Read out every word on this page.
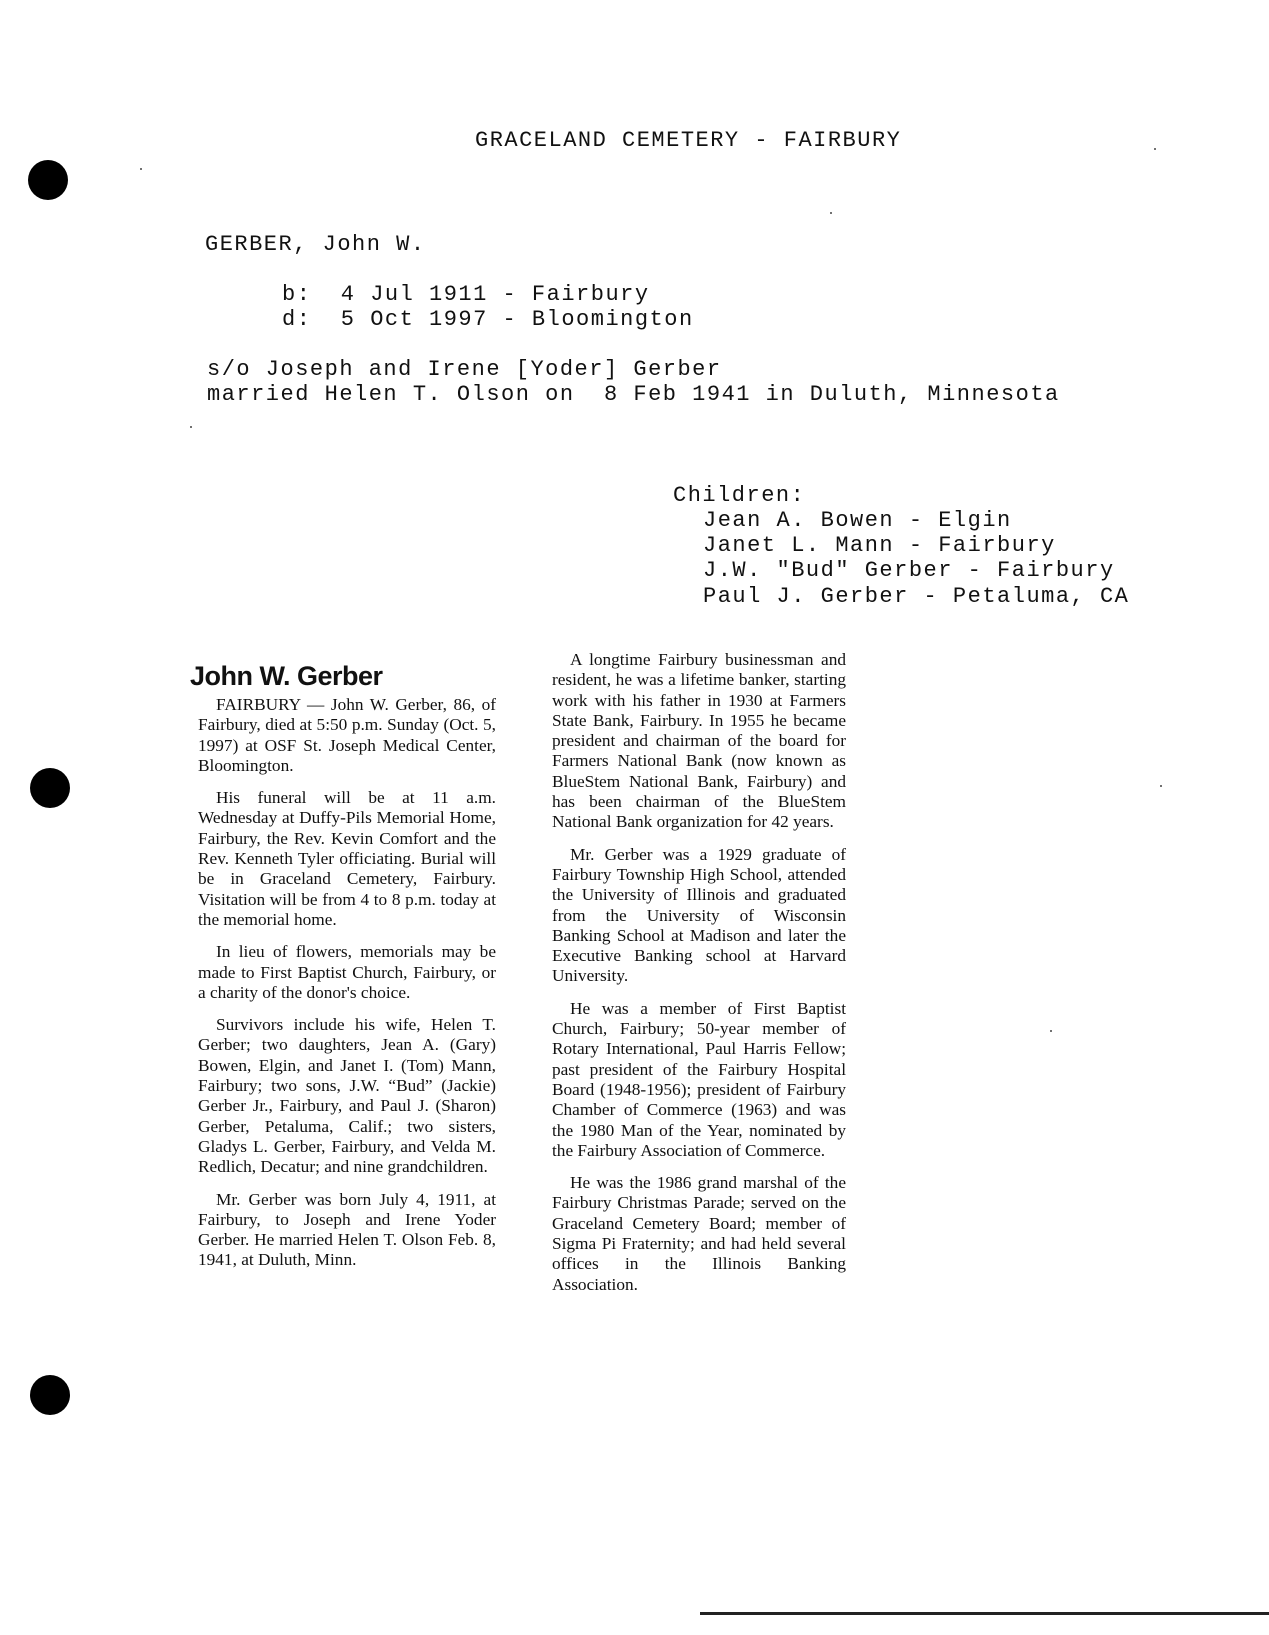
GRACELAND CEMETERY - FAIRBURY
GERBER, John W.
b:  4 Jul 1911 - Fairbury
d:  5 Oct 1997 - Bloomington
s/o Joseph and Irene [Yoder] Gerber
married Helen T. Olson on  8 Feb 1941 in Duluth, Minnesota
Children:
Jean A. Bowen - Elgin
Janet L. Mann - Fairbury
J.W. "Bud" Gerber - Fairbury
Paul J. Gerber - Petaluma, CA
John W. Gerber

FAIRBURY — John W. Gerber, 86, of Fairbury, died at 5:50 p.m. Sunday (Oct. 5, 1997) at OSF St. Joseph Medical Center, Bloomington.

His funeral will be at 11 a.m. Wednesday at Duffy-Pils Memorial Home, Fairbury, the Rev. Kevin Comfort and the Rev. Kenneth Tyler officiating. Burial will be in Graceland Cemetery, Fairbury. Visitation will be from 4 to 8 p.m. today at the memorial home.

In lieu of flowers, memorials may be made to First Baptist Church, Fairbury, or a charity of the donor's choice.

Survivors include his wife, Helen T. Gerber; two daughters, Jean A. (Gary) Bowen, Elgin, and Janet I. (Tom) Mann, Fairbury; two sons, J.W. “Bud” (Jackie) Gerber Jr., Fairbury, and Paul J. (Sharon) Gerber, Petaluma, Calif.; two sisters, Gladys L. Gerber, Fairbury, and Velda M. Redlich, Decatur; and nine grandchildren.

Mr. Gerber was born July 4, 1911, at Fairbury, to Joseph and Irene Yoder Gerber. He married Helen T. Olson Feb. 8, 1941, at Duluth, Minn.

A longtime Fairbury businessman and resident, he was a lifetime banker, starting work with his father in 1930 at Farmers State Bank, Fairbury. In 1955 he became president and chairman of the board for Farmers National Bank (now known as BlueStem National Bank, Fairbury) and has been chairman of the BlueStem National Bank organization for 42 years.

Mr. Gerber was a 1929 graduate of Fairbury Township High School, attended the University of Illinois and graduated from the University of Wisconsin Banking School at Madison and later the Executive Banking school at Harvard University.

He was a member of First Baptist Church, Fairbury; 50-year member of Rotary International, Paul Harris Fellow; past president of the Fairbury Hospital Board (1948-1956); president of Fairbury Chamber of Commerce (1963) and was the 1980 Man of the Year, nominated by the Fairbury Association of Commerce.

He was the 1986 grand marshal of the Fairbury Christmas Parade; served on the Graceland Cemetery Board; member of Sigma Pi Fraternity; and had held several offices in the Illinois Banking Association.
